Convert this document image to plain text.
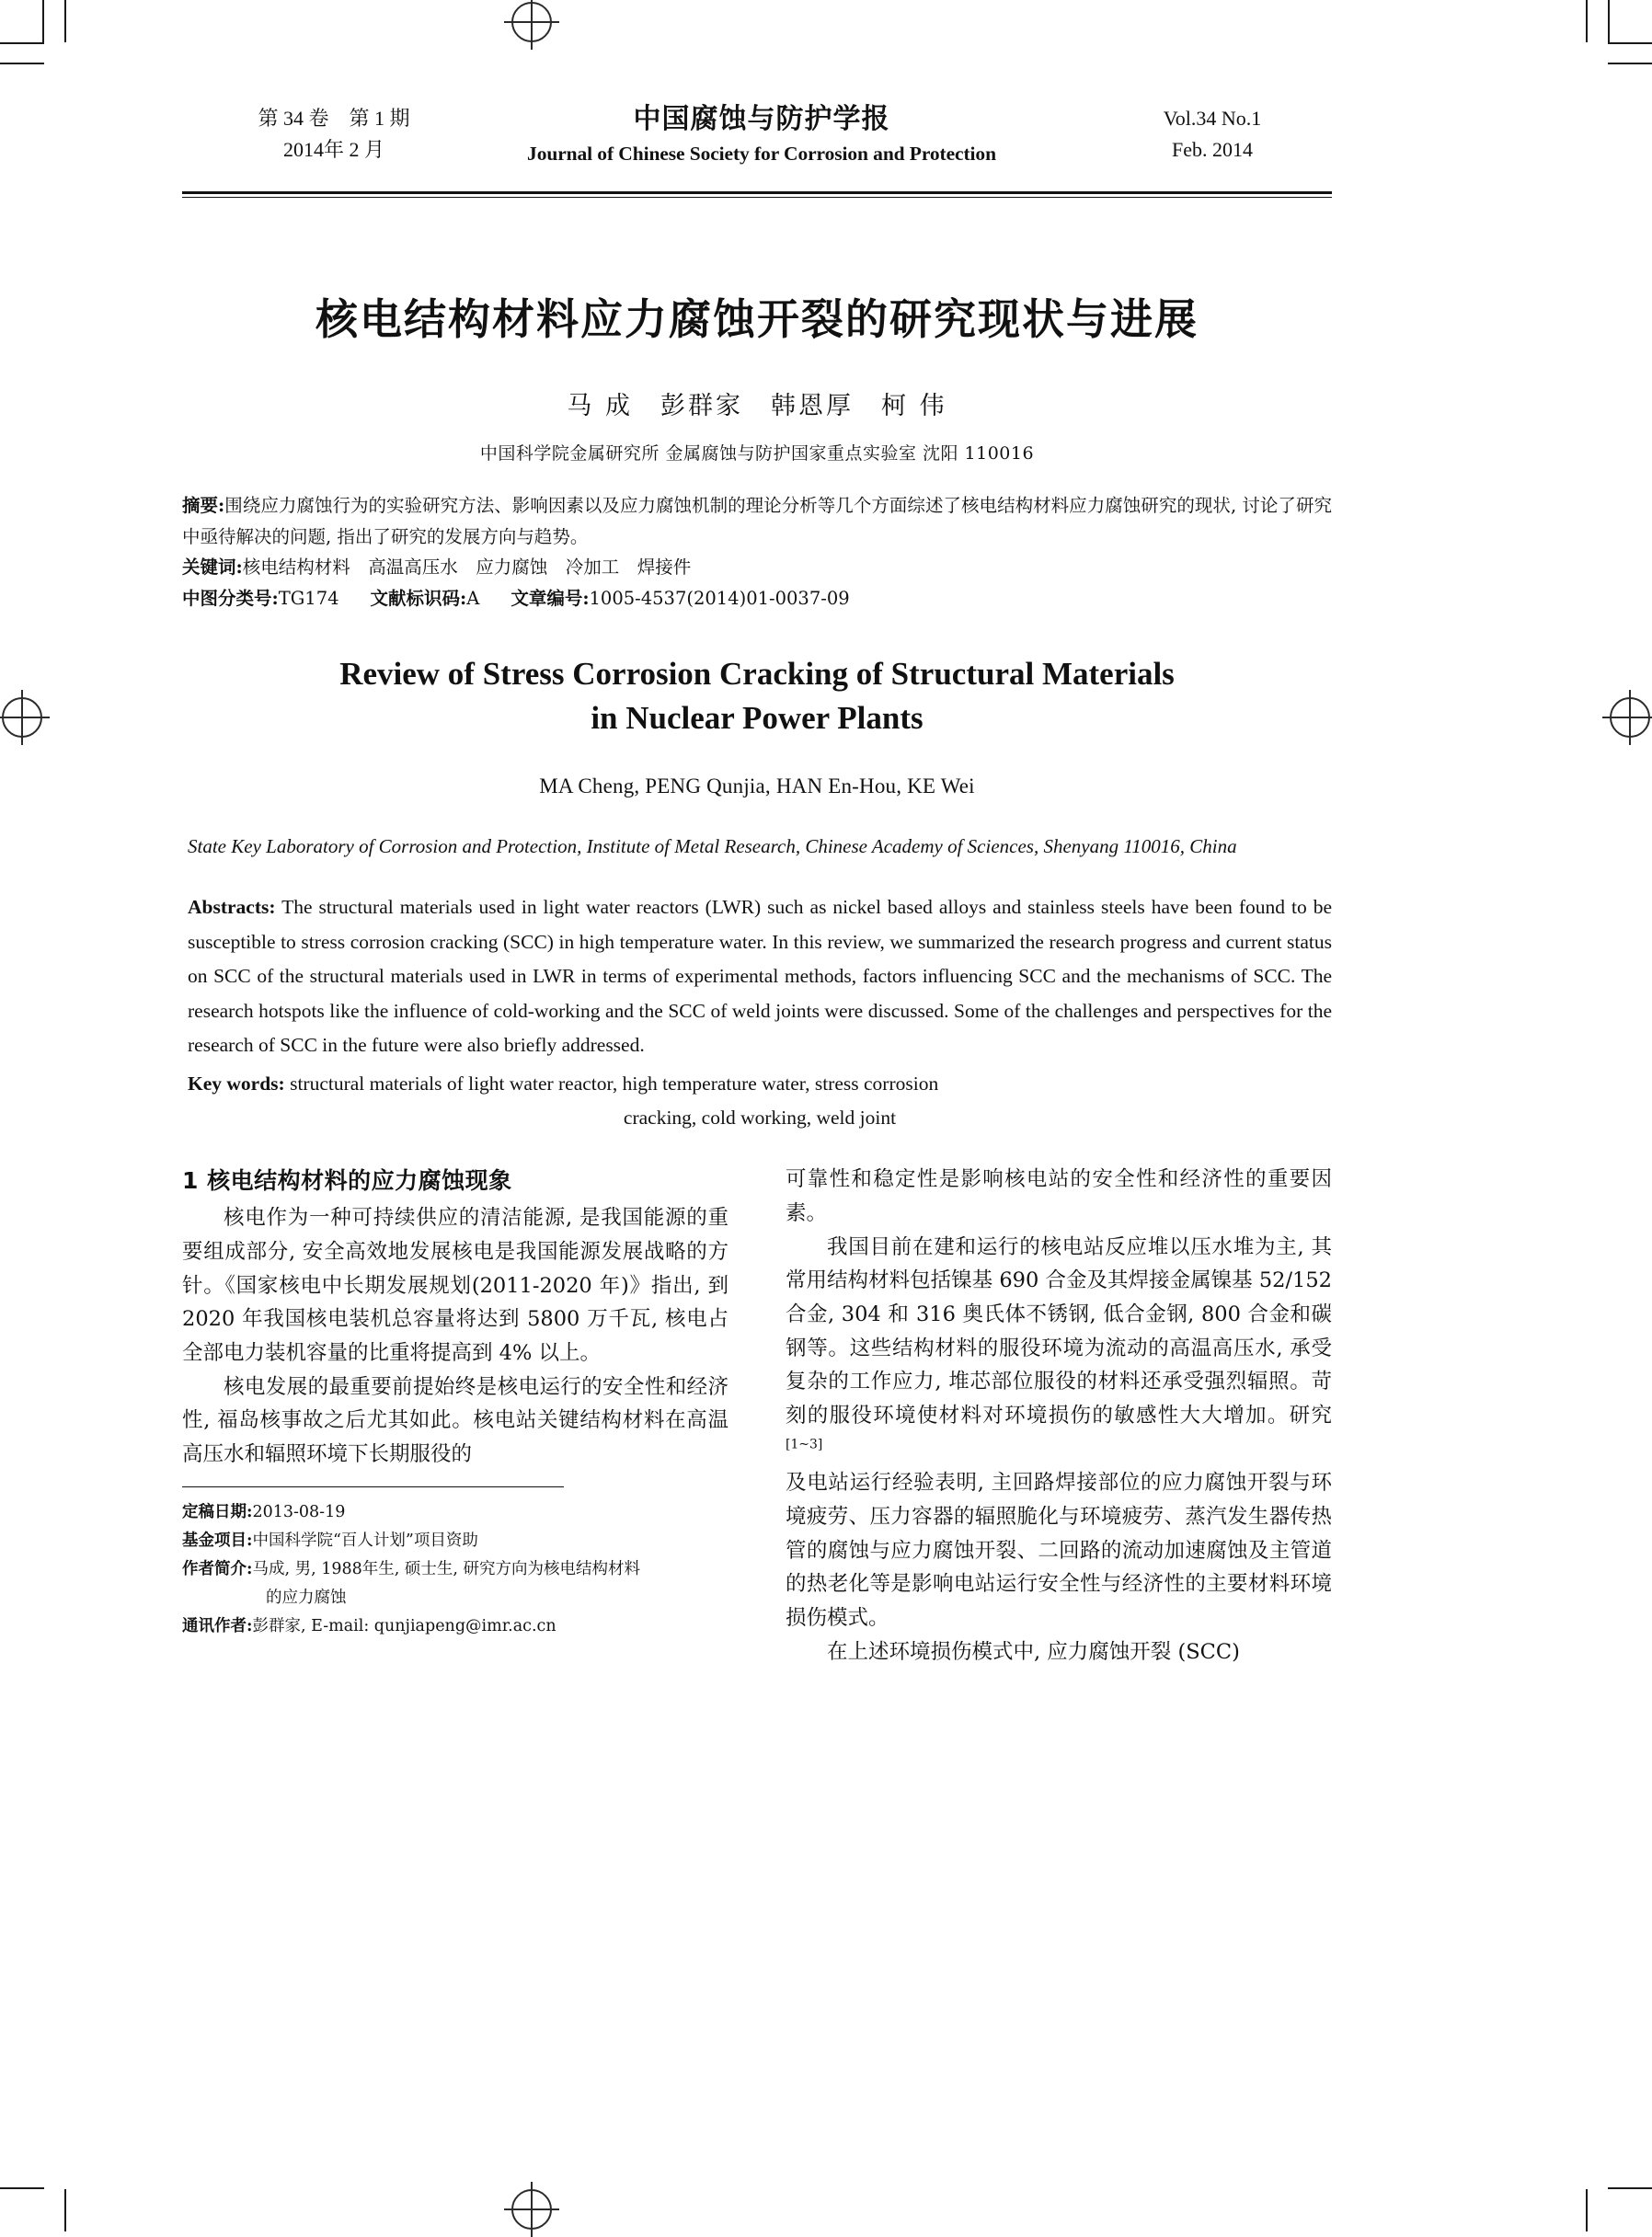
第 34 卷　第 1 期
2014年 2 月
中国腐蚀与防护学报
Journal of Chinese Society for Corrosion and Protection
Vol.34 No.1
Feb. 2014
核电结构材料应力腐蚀开裂的研究现状与进展
马 成　彭群家　韩恩厚　柯 伟
中国科学院金属研究所 金属腐蚀与防护国家重点实验室 沈阳 110016
摘要:围绕应力腐蚀行为的实验研究方法、影响因素以及应力腐蚀机制的理论分析等几个方面综述了核电结构材料应力腐蚀研究的现状, 讨论了研究中亟待解决的问题, 指出了研究的发展方向与趋势。
关键词:核电结构材料　高温高压水　应力腐蚀　冷加工　焊接件
中图分类号:TG174 文献标识码:A 文章编号:1005-4537(2014)01-0037-09
Review of Stress Corrosion Cracking of Structural Materials
in Nuclear Power Plants
MA Cheng, PENG Qunjia, HAN En-Hou, KE Wei
State Key Laboratory of Corrosion and Protection, Institute of Metal Research, Chinese Academy of Sciences, Shenyang 110016, China
Abstracts: The structural materials used in light water reactors (LWR) such as nickel based alloys and stainless steels have been found to be susceptible to stress corrosion cracking (SCC) in high temperature water. In this review, we summarized the research progress and current status on SCC of the structural materials used in LWR in terms of experimental methods, factors influencing SCC and the mechanisms of SCC. The research hotspots like the influence of cold-working and the SCC of weld joints were discussed. Some of the challenges and perspectives for the research of SCC in the future were also briefly addressed.
Key words: structural materials of light water reactor, high temperature water, stress corrosion
cracking, cold working, weld joint
1 核电结构材料的应力腐蚀现象

核电作为一种可持续供应的清洁能源, 是我国能源的重要组成部分, 安全高效地发展核电是我国能源发展战略的方针。《国家核电中长期发展规划(2011-2020 年)》指出, 到 2020 年我国核电装机总容量将达到 5800 万千瓦, 核电占全部电力装机容量的比重将提高到 4% 以上。

核电发展的最重要前提始终是核电运行的安全性和经济性, 福岛核事故之后尤其如此。核电站关键结构材料在高温高压水和辐照环境下长期服役的

定稿日期:2013-08-19
基金项目:中国科学院“百人计划”项目资助
作者简介:马成, 男, 1988年生, 硕士生, 研究方向为核电结构材料
的应力腐蚀
通讯作者:彭群家, E-mail: qunjiapeng@imr.ac.cn

可靠性和稳定性是影响核电站的安全性和经济性的重要因素。

我国目前在建和运行的核电站反应堆以压水堆为主, 其常用结构材料包括镍基 690 合金及其焊接金属镍基 52/152 合金, 304 和 316 奥氏体不锈钢, 低合金钢, 800 合金和碳钢等。这些结构材料的服役环境为流动的高温高压水, 承受复杂的工作应力, 堆芯部位服役的材料还承受强烈辐照。苛刻的服役环境使材料对环境损伤的敏感性大大增加。研究[1~3]

及电站运行经验表明, 主回路焊接部位的应力腐蚀开裂与环境疲劳、压力容器的辐照脆化与环境疲劳、蒸汽发生器传热管的腐蚀与应力腐蚀开裂、二回路的流动加速腐蚀及主管道的热老化等是影响电站运行安全性与经济性的主要材料环境损伤模式。

在上述环境损伤模式中, 应力腐蚀开裂 (SCC)
